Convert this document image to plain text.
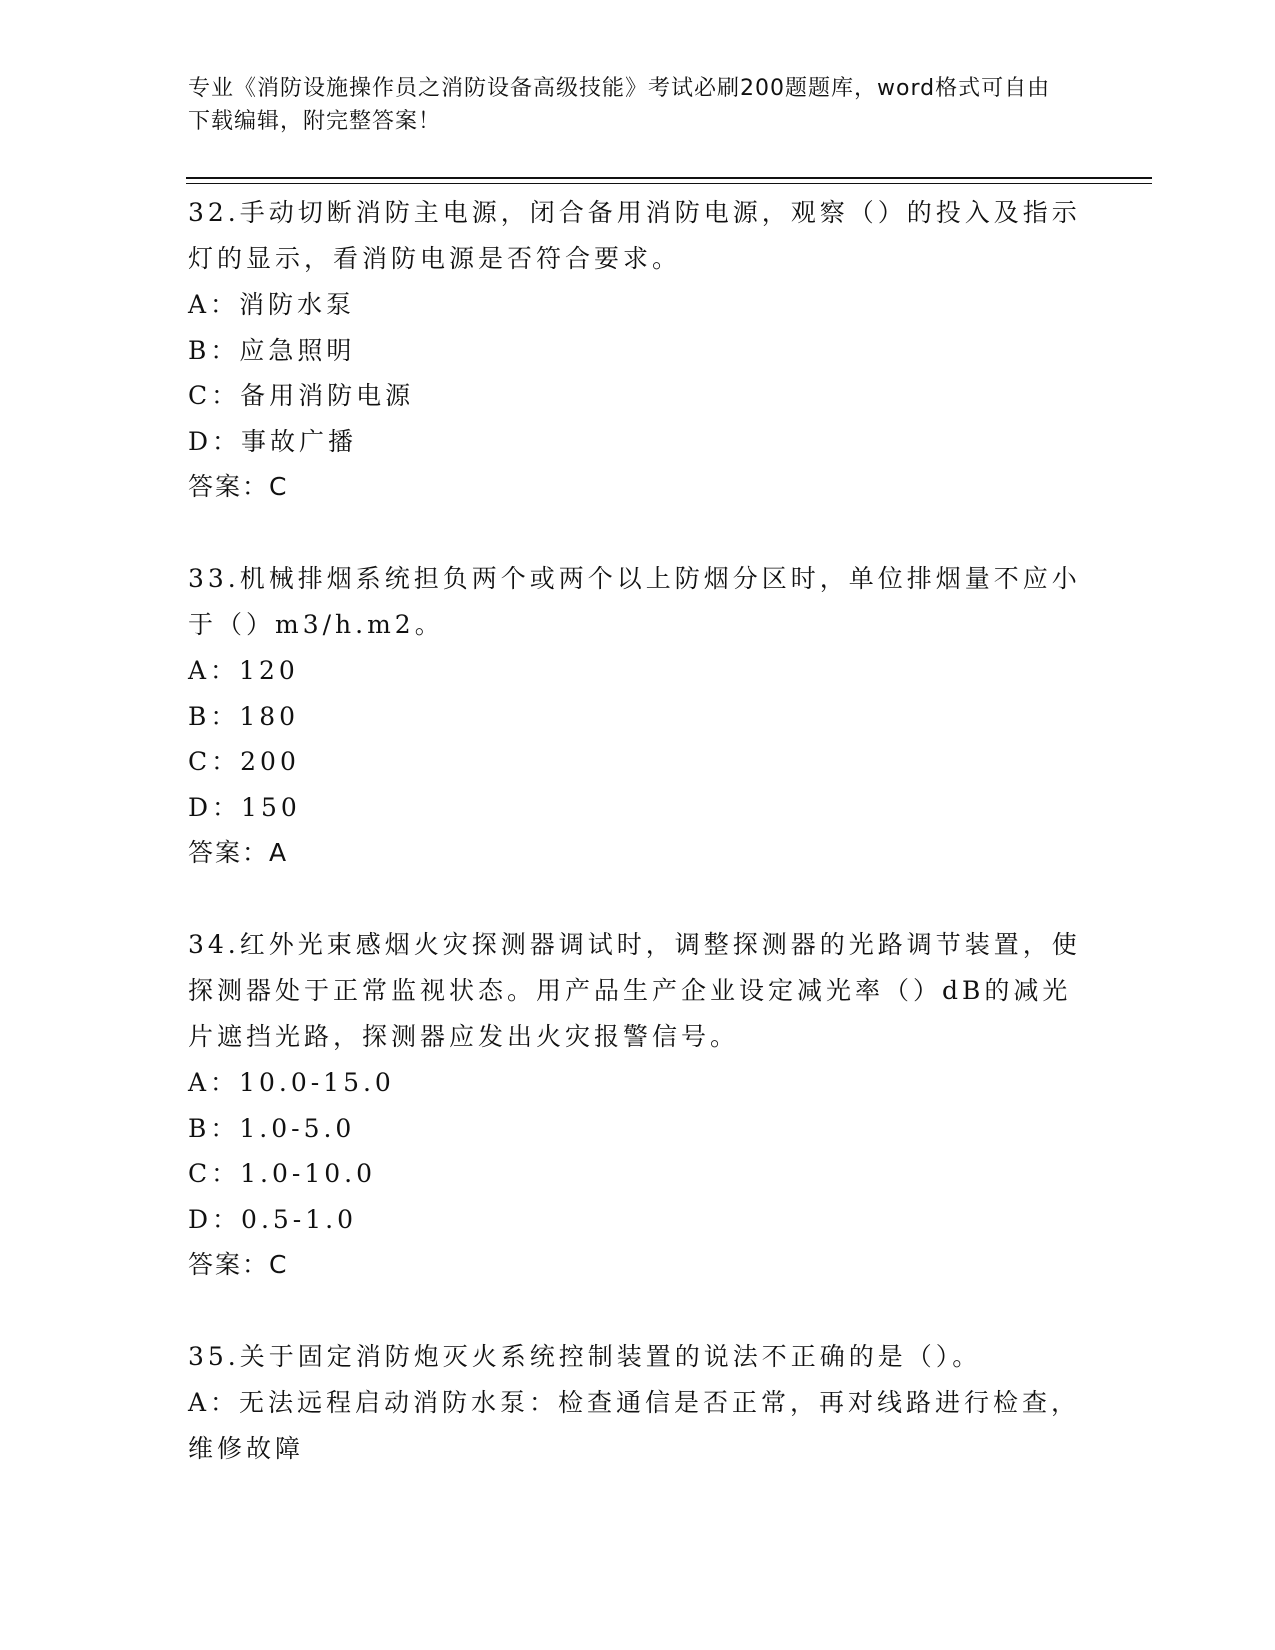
专业《消防设施操作员之消防设备高级技能》考试必刷200题题库，word格式可自由下载编辑，附完整答案！
32.手动切断消防主电源，闭合备用消防电源，观察（）的投入及指示灯的显示，看消防电源是否符合要求。
A：消防水泵
B：应急照明
C：备用消防电源
D：事故广播
答案：C
33.机械排烟系统担负两个或两个以上防烟分区时，单位排烟量不应小于（）m3/h.m2。
A：120
B：180
C：200
D：150
答案：A
34.红外光束感烟火灾探测器调试时，调整探测器的光路调节装置，使探测器处于正常监视状态。用产品生产企业设定减光率（）dB的减光片遮挡光路，探测器应发出火灾报警信号。
A：10.0-15.0
B：1.0-5.0
C：1.0-10.0
D：0.5-1.0
答案：C
35.关于固定消防炮灭火系统控制装置的说法不正确的是（）。
A：无法远程启动消防水泵：检查通信是否正常，再对线路进行检查，维修故障
